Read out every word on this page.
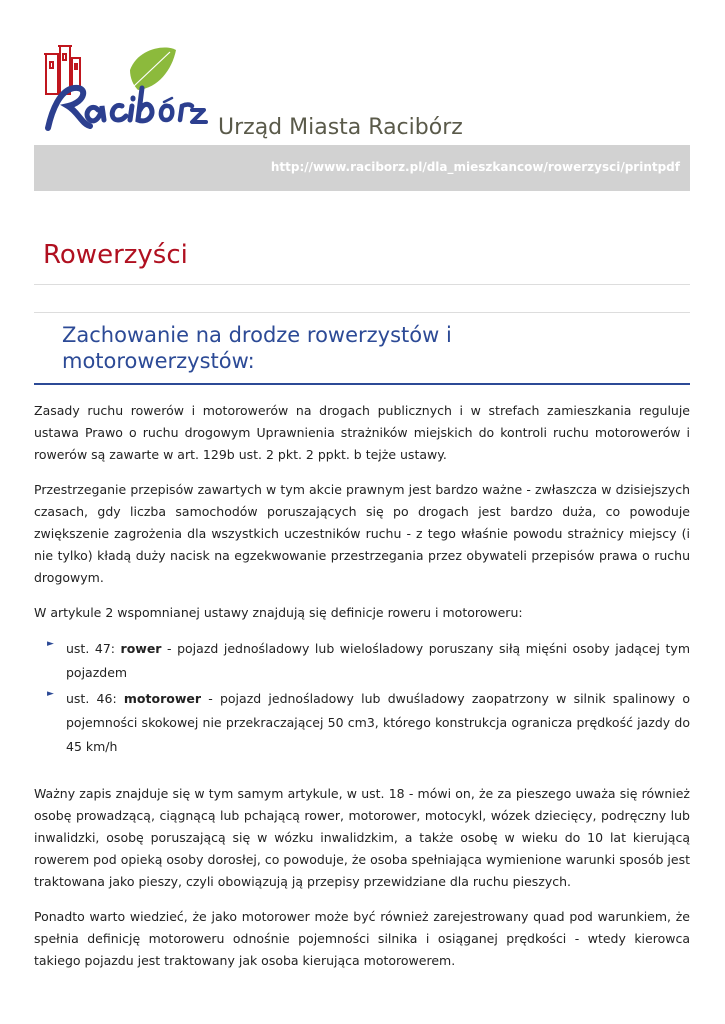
Urząd Miasta Racibórz
http://www.raciborz.pl/dla_mieszkancow/rowerzysci/printpdf
Rowerzyści
Zachowanie na drodze rowerzystów i motorowerzystów:

Zasady ruchu rowerów i motorowerów na drogach publicznych i w strefach zamieszkania reguluje ustawa Prawo o ruchu drogowym Uprawnienia strażników miejskich do kontroli ruchu motorowerów i rowerów są zawarte w art. 129b ust. 2 pkt. 2 ppkt. b tejże ustawy.

Przestrzeganie przepisów zawartych w tym akcie prawnym jest bardzo ważne - zwłaszcza w dzisiejszych czasach, gdy liczba samochodów poruszających się po drogach jest bardzo duża, co powoduje zwiększenie zagrożenia dla wszystkich uczestników ruchu - z tego właśnie powodu strażnicy miejscy (i nie tylko) kładą duży nacisk na egzekwowanie przestrzegania przez obywateli przepisów prawa o ruchu drogowym.

W artykule 2 wspomnianej ustawy znajdują się definicje roweru i motoroweru:

► ust. 47: rower - pojazd jednośladowy lub wielośladowy poruszany siłą mięśni osoby jadącej tym pojazdem
► ust. 46: motorower - pojazd jednośladowy lub dwuśladowy zaopatrzony w silnik spalinowy o pojemności skokowej nie przekraczającej 50 cm3, którego konstrukcja ogranicza prędkość jazdy do 45 km/h

Ważny zapis znajduje się w tym samym artykule, w ust. 18 - mówi on, że za pieszego uważa się również osobę prowadzącą, ciągnącą lub pchającą rower, motorower, motocykl, wózek dziecięcy, podręczny lub inwalidzki, osobę poruszającą się w wózku inwalidzkim, a także osobę w wieku do 10 lat kierującą rowerem pod opieką osoby dorosłej, co powoduje, że osoba spełniająca wymienione warunki sposób jest traktowana jako pieszy, czyli obowiązują ją przepisy przewidziane dla ruchu pieszych.

Ponadto warto wiedzieć, że jako motorower może być również zarejestrowany quad pod warunkiem, że spełnia definicję motoroweru odnośnie pojemności silnika i osiąganej prędkości - wtedy kierowca takiego pojazdu jest traktowany jak osoba kierująca motorowerem.
